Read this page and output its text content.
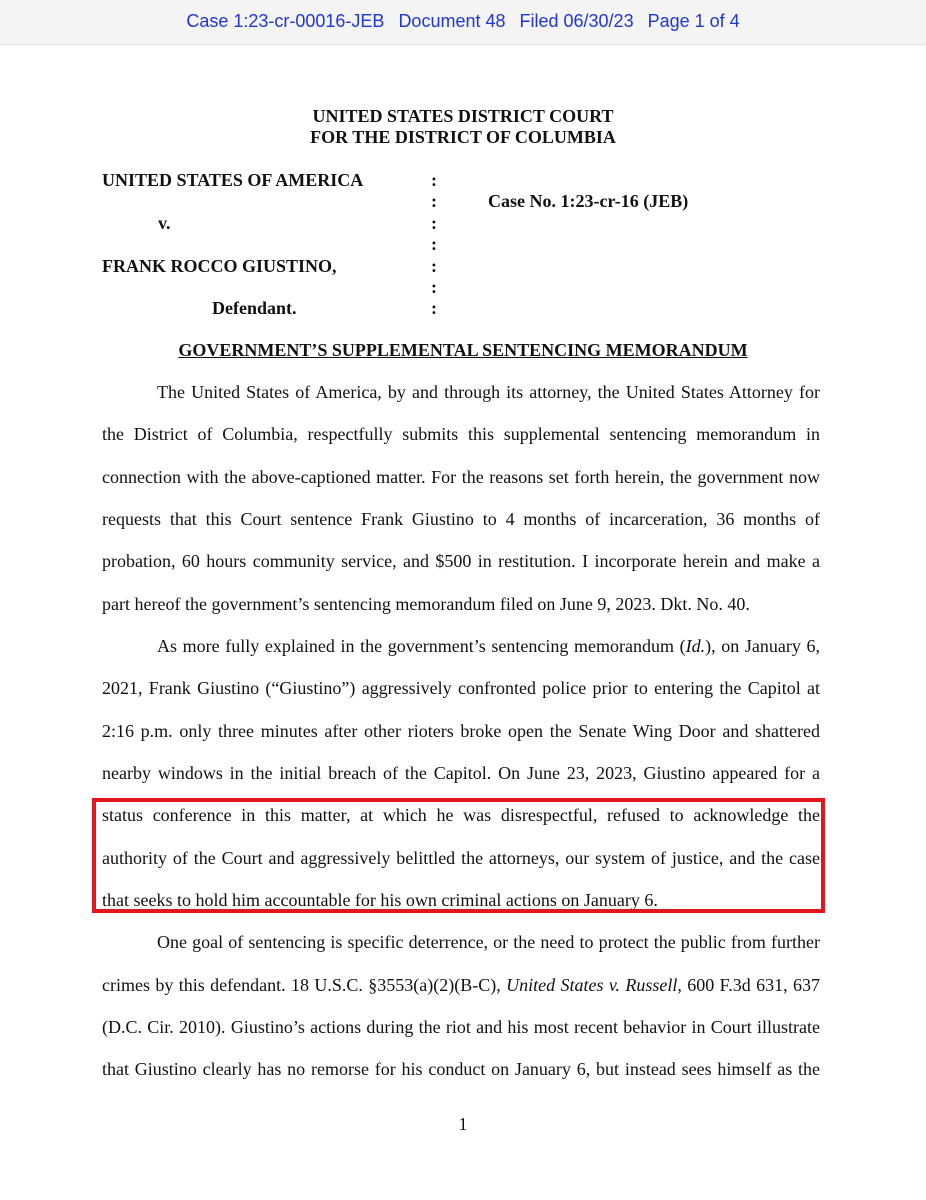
Case 1:23-cr-00016-JEB Document 48 Filed 06/30/23 Page 1 of 4
UNITED STATES DISTRICT COURT
FOR THE DISTRICT OF COLUMBIA
UNITED STATES OF AMERICA
v.
FRANK ROCCO GIUSTINO,
Defendant.
Case No. 1:23-cr-16 (JEB)
:
:
:
:
:
:
:
GOVERNMENT’S SUPPLEMENTAL SENTENCING MEMORANDUM
The United States of America, by and through its attorney, the United States Attorney for
the District of Columbia, respectfully submits this supplemental sentencing memorandum in
connection with the above-captioned matter. For the reasons set forth herein, the government now
requests that this Court sentence Frank Giustino to 4 months of incarceration, 36 months of
probation, 60 hours community service, and $500 in restitution. I incorporate herein and make a
part hereof the government’s sentencing memorandum filed on June 9, 2023. Dkt. No. 40.
As more fully explained in the government’s sentencing memorandum (Id.), on January 6,
2021, Frank Giustino (“Giustino”) aggressively confronted police prior to entering the Capitol at
2:16 p.m. only three minutes after other rioters broke open the Senate Wing Door and shattered
nearby windows in the initial breach of the Capitol. On June 23, 2023, Giustino appeared for a
status conference in this matter, at which he was disrespectful, refused to acknowledge the
authority of the Court and aggressively belittled the attorneys, our system of justice, and the case
that seeks to hold him accountable for his own criminal actions on January 6.
One goal of sentencing is specific deterrence, or the need to protect the public from further
crimes by this defendant. 18 U.S.C. §3553(a)(2)(B-C), United States v. Russell, 600 F.3d 631, 637
(D.C. Cir. 2010). Giustino’s actions during the riot and his most recent behavior in Court illustrate
that Giustino clearly has no remorse for his conduct on January 6, but instead sees himself as the
1
